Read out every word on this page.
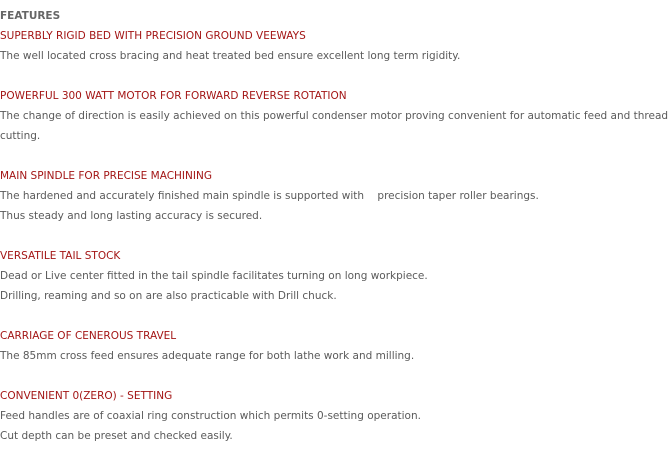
FEATURES
SUPERBLY RIGID BED WITH PRECISION GROUND VEEWAYS
The well located cross bracing and heat treated bed ensure excellent long term rigidity.
POWERFUL 300 WATT MOTOR FOR FORWARD REVERSE ROTATION
The change of direction is easily achieved on this powerful condenser motor proving convenient for automatic feed and thread
cutting.
MAIN SPINDLE FOR PRECISE MACHINING
The hardened and accurately finished main spindle is supported with    precision taper roller bearings.
Thus steady and long lasting accuracy is secured.
VERSATILE TAIL STOCK
Dead or Live center fitted in the tail spindle facilitates turning on long workpiece.
Drilling, reaming and so on are also practicable with Drill chuck.
CARRIAGE OF CENEROUS TRAVEL
The 85mm cross feed ensures adequate range for both lathe work and milling.
CONVENIENT 0(ZERO) - SETTING
Feed handles are of coaxial ring construction which permits 0-setting operation.
Cut depth can be preset and checked easily.
